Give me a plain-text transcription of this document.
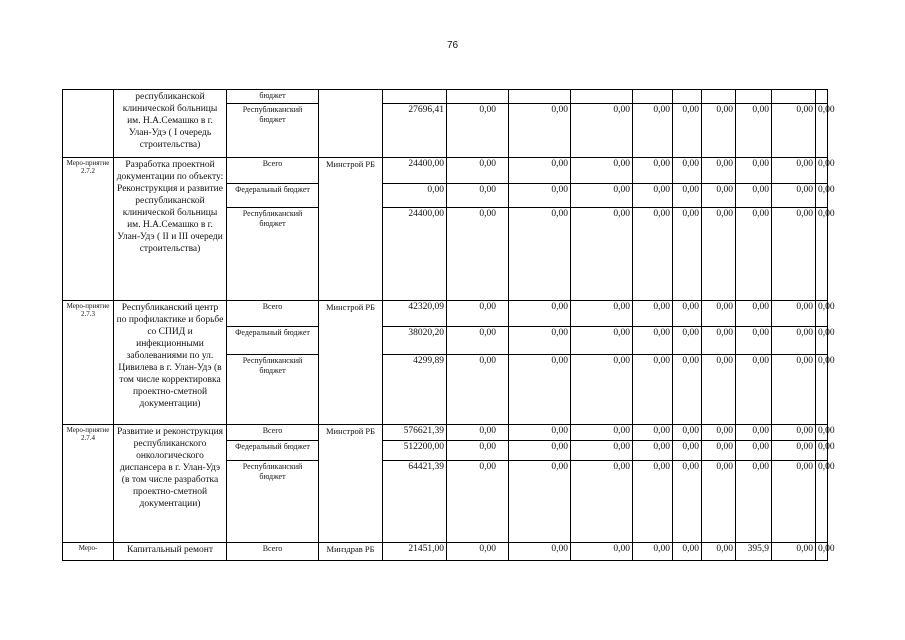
76
	республиканской клинической больницы им. Н.А.Семашко в г. Улан-Удэ ( I очередь строительства)	бюджет											
		Республиканский бюджет		27696,41	0,00	0,00	0,00	0,00	0,00	0,00	0,00	0,00	0,00
Меро-приятие 2.7.2	Разработка проектной документации по объекту: Реконструкция и развитие республиканской клинической больницы им. Н.А.Семашко в г. Улан-Удэ ( II и III очереди строительства)	Всего	Минстрой РБ	24400,00	0,00	0,00	0,00	0,00	0,00	0,00	0,00	0,00	0,00
		Федеральный бюджет		0,00	0,00	0,00	0,00	0,00	0,00	0,00	0,00	0,00	0,00
		Республиканский бюджет		24400,00	0,00	0,00	0,00	0,00	0,00	0,00	0,00	0,00	0,00
Меро-приятие 2.7.3	Республиканский центр по профилактике и борьбе со СПИД и инфекционными заболеваниями по ул. Цивилева в г. Улан-Удэ (в том числе корректировка проектно-сметной документации)	Всего	Минстрой РБ	42320,09	0,00	0,00	0,00	0,00	0,00	0,00	0,00	0,00	0,00
		Федеральный бюджет		38020,20	0,00	0,00	0,00	0,00	0,00	0,00	0,00	0,00	0,00
		Республиканский бюджет		4299,89	0,00	0,00	0,00	0,00	0,00	0,00	0,00	0,00	0,00
Меро-приятие 2.7.4	Развитие и реконструкция республиканского онкологического диспансера в г. Улан-Удэ (в том числе разработка проектно-сметной документации)	Всего	Минстрой РБ	576621,39	0,00	0,00	0,00	0,00	0,00	0,00	0,00	0,00	0,00
		Федеральный бюджет		512200,00	0,00	0,00	0,00	0,00	0,00	0,00	0,00	0,00	0,00
		Республиканский бюджет		64421,39	0,00	0,00	0,00	0,00	0,00	0,00	0,00	0,00	0,00
Меро-	Капитальный ремонт	Всего	Минздрав РБ	21451,00	0,00	0,00	0,00	0,00	0,00	0,00	395,9	0,00	0,00
